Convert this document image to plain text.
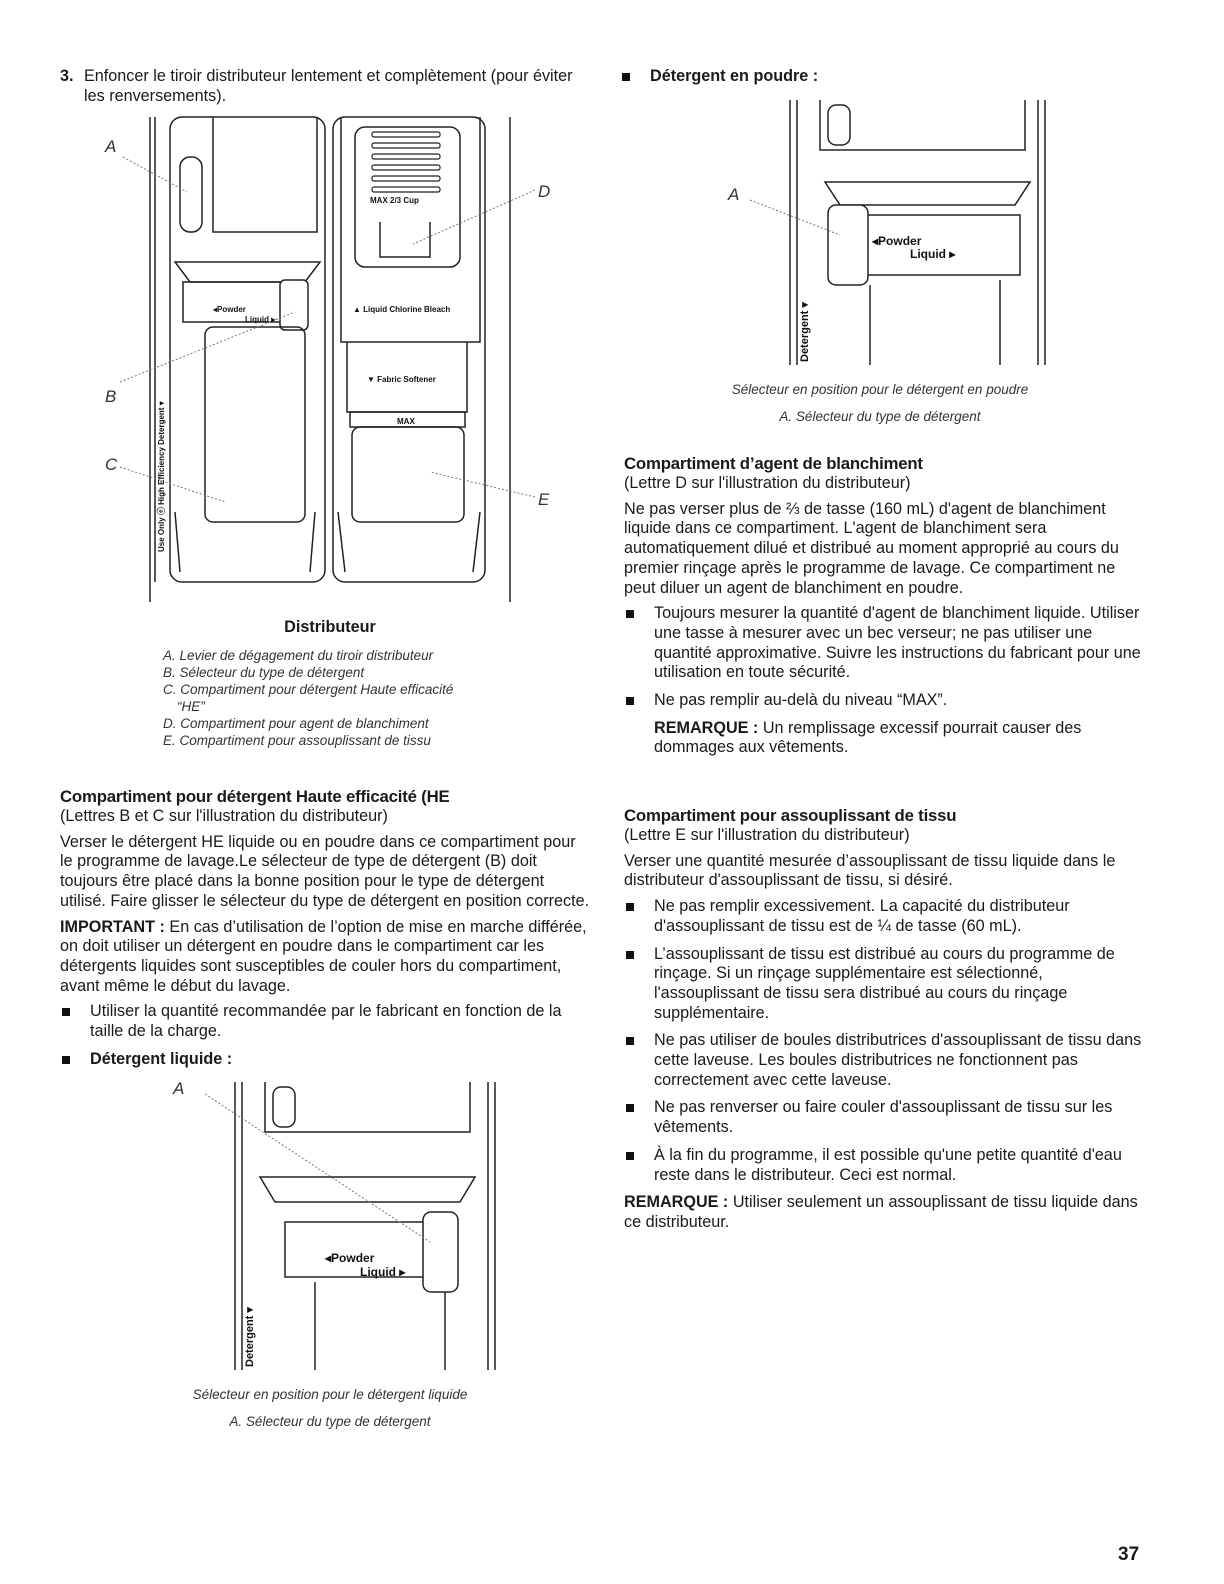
3. Enfoncer le tiroir distributeur lentement et complètement (pour éviter les renversements).
A
B
C
D
E
MAX 2/3 Cup
▲ Liquid Chlorine Bleach
▼ Fabric Softener
MAX
◂Powder
Liquid ▸
Use Only ⓔ High Efficiency Detergent ▾
Distributeur
A. Levier de dégagement du tiroir distributeur
B. Sélecteur du type de détergent
C. Compartiment pour détergent Haute efficacité “HE”
D. Compartiment pour agent de blanchiment
E. Compartiment pour assouplissant de tissu
Compartiment pour détergent Haute efficacité (HE

(Lettres B et C sur l'illustration du distributeur)

Verser le détergent HE liquide ou en poudre dans ce compartiment pour le programme de lavage.Le sélecteur de type de détergent (B) doit toujours être placé dans la bonne position pour le type de détergent utilisé. Faire glisser le sélecteur du type de détergent en position correcte.

IMPORTANT : En cas d’utilisation de l’option de mise en marche différée, on doit utiliser un détergent en poudre dans le compartiment car les détergents liquides sont susceptibles de couler hors du compartiment, avant même le début du lavage.

Utiliser la quantité recommandée par le fabricant en fonction de la taille de la charge.
Détergent liquide :
A
◂Powder
Liquid ▸
Detergent ▾
Sélecteur en position pour le détergent liquide
A. Sélecteur du type de détergent
Détergent en poudre :
A
◂Powder
Liquid ▸
Detergent ▾
Sélecteur en position pour le détergent en poudre
A. Sélecteur du type de détergent
Compartiment d’agent de blanchiment

(Lettre D sur l'illustration du distributeur)

Ne pas verser plus de ⅔ de tasse (160 mL) d'agent de blanchiment liquide dans ce compartiment. L'agent de blanchiment sera automatiquement dilué et distribué au moment approprié au cours du premier rinçage après le programme de lavage. Ce compartiment ne peut diluer un agent de blanchiment en poudre.

Toujours mesurer la quantité d'agent de blanchiment liquide. Utiliser une tasse à mesurer avec un bec verseur; ne pas utiliser une quantité approximative. Suivre les instructions du fabricant pour une utilisation en toute sécurité.
Ne pas remplir au-delà du niveau “MAX”.

REMARQUE : Un remplissage excessif pourrait causer des dommages aux vêtements.

Compartiment pour assouplissant de tissu

(Lettre E sur l'illustration du distributeur)

Verser une quantité mesurée d’assouplissant de tissu liquide dans le distributeur d'assouplissant de tissu, si désiré.

Ne pas remplir excessivement. La capacité du distributeur d'assouplissant de tissu est de ¼ de tasse (60 mL).
L’assouplissant de tissu est distribué au cours du programme de rinçage. Si un rinçage supplémentaire est sélectionné, l'assouplissant de tissu sera distribué au cours du rinçage supplémentaire.
Ne pas utiliser de boules distributrices d'assouplissant de tissu dans cette laveuse. Les boules distributrices ne fonctionnent pas correctement avec cette laveuse.
Ne pas renverser ou faire couler d'assouplissant de tissu sur les vêtements.
À la fin du programme, il est possible qu'une petite quantité d'eau reste dans le distributeur. Ceci est normal.

REMARQUE : Utiliser seulement un assouplissant de tissu liquide dans ce distributeur.

37
